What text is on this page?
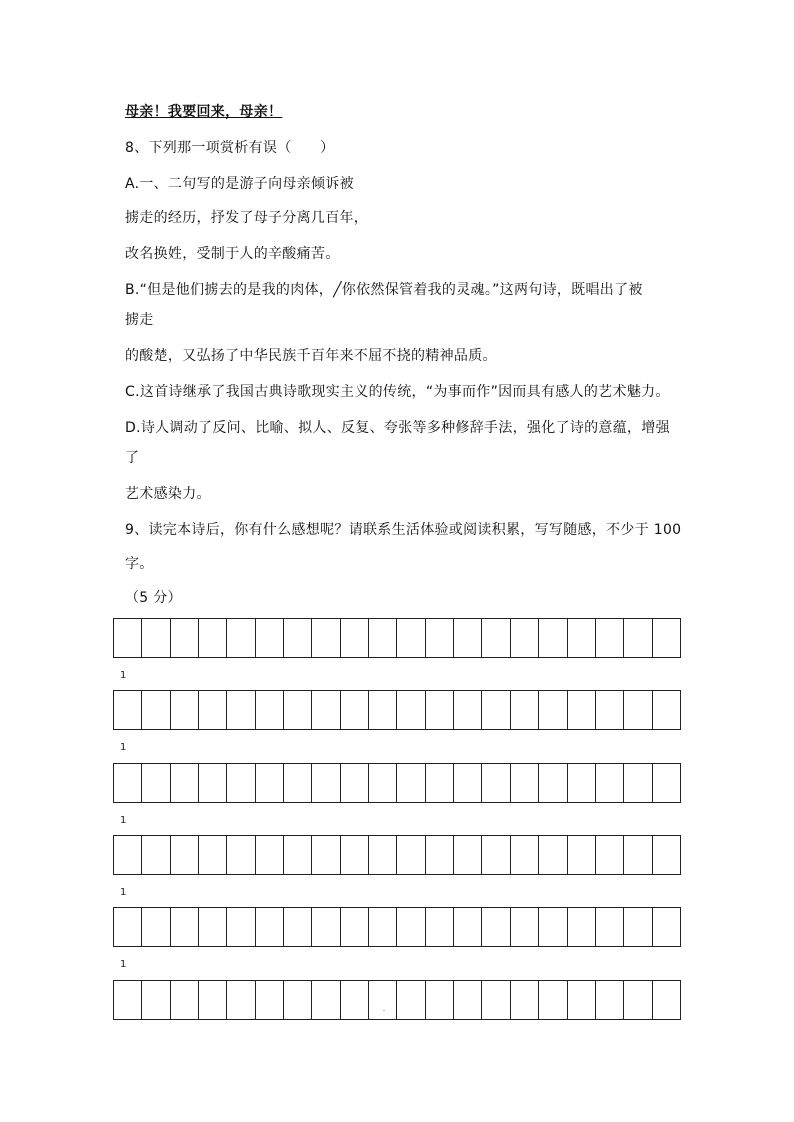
母亲！我要回来，母亲！
8、下列那一项赏析有误（　　）
A.一、二句写的是游子向母亲倾诉被
掳走的经历，抒发了母子分离几百年，
改名换姓，受制于人的辛酸痛苦。
B.“但是他们掳去的是我的肉体，╱你依然保管着我的灵魂。”这两句诗，既唱出了被
掳走
的酸楚，又弘扬了中华民族千百年来不屈不挠的精神品质。
C.这首诗继承了我国古典诗歌现实主义的传统，“为事而作”因而具有感人的艺术魅力。
D.诗人调动了反问、比喻、拟人、反复、夸张等多种修辞手法，强化了诗的意蕴，增强
了
艺术感染力。
9、读完本诗后，你有什么感想呢？请联系生活体验或阅读积累，写写随感，不少于 100
字。
（5 分）
1
1
1
1
1
.
